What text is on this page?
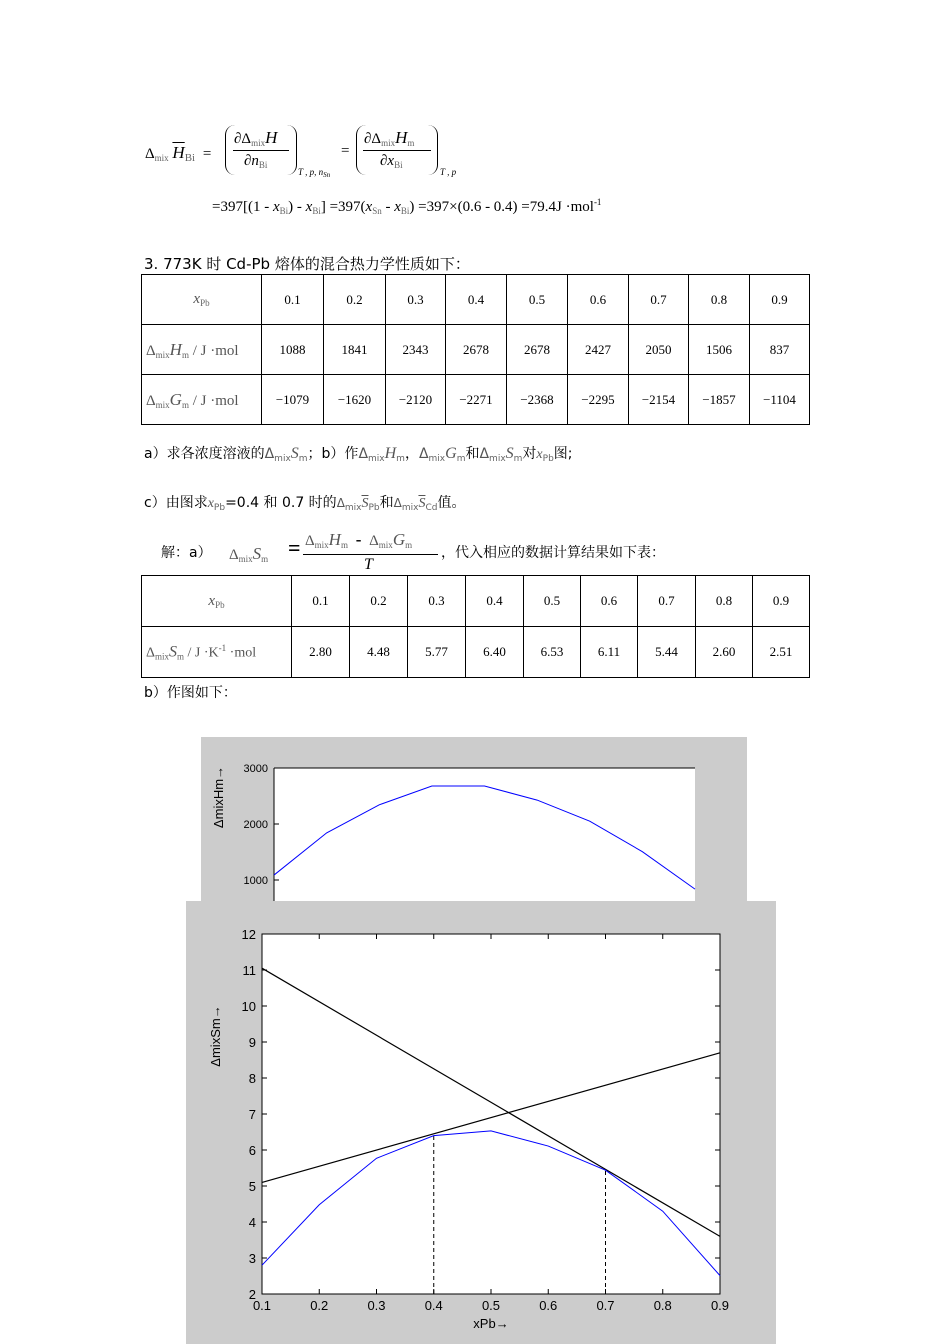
$\Delta_{mix}$ $\overline{H}_{Bi}$ =
$\partial\Delta_{mix}H$
$\partial n_{Bi}$
T , p, $n_{Sn}$
=
$\partial\Delta_{mix}H_m$
$\partial x_{Bi}$
T , p
$=397[(1 - x_{Bi}) - x_{Bi}] =397(x_{Sn} - x_{Bi}) =397\times(0.6 - 0.4) =79.4J \cdot mol^{-1}$
3. 773K 时 Cd-Pb 熔体的混合热力学性质如下：
$x_{Pb}$	0.1	0.2	0.3	0.4	0.5	0.6	0.7	0.8	0.9
$\Delta_{mix}H_m / J \cdot mol$	1088	1841	2343	2678	2678	2427	2050	1506	837
$\Delta_{mix}G_m / J \cdot mol$	−1079	−1620	−2120	−2271	−2368	−2295	−2154	−1857	−1104
a）求各浓度溶液的$\Delta_{mix}S_m$；b）作$\Delta_{mix}H_m$，$\Delta_{mix}G_m$和$\Delta_{mix}S_m$对$x_{Pb}$图;
c）由图求$x_{Pb}=0.4$ 和 0.7 时的$\Delta_{mix}\overline{S}_{Pb}$和$\Delta_{mix}\overline{S}_{Cd}$值。
解：a） $\Delta_{mix}S_m = \Delta_{mix}H_m - \Delta_{mix}G_m$
T
，代入相应的数据计算结果如下表：
$x_{Pb}$	0.1	0.2	0.3	0.4	0.5	0.6	0.7	0.8	0.9
$\Delta_{mix}S_m / J \cdot K^{-1} \cdot mol$	2.80	4.48	5.77	6.40	6.53	6.11	5.44	2.60	2.51
b）作图如下：
1000
2000
3000
ΔmixHm→
0.1	0.2	0.3	0.4	0.5	0.6	0.7	0.8	0.9
2
3
4
5
6
7
8
9
10
11
12
ΔmixSm→
xPb→
